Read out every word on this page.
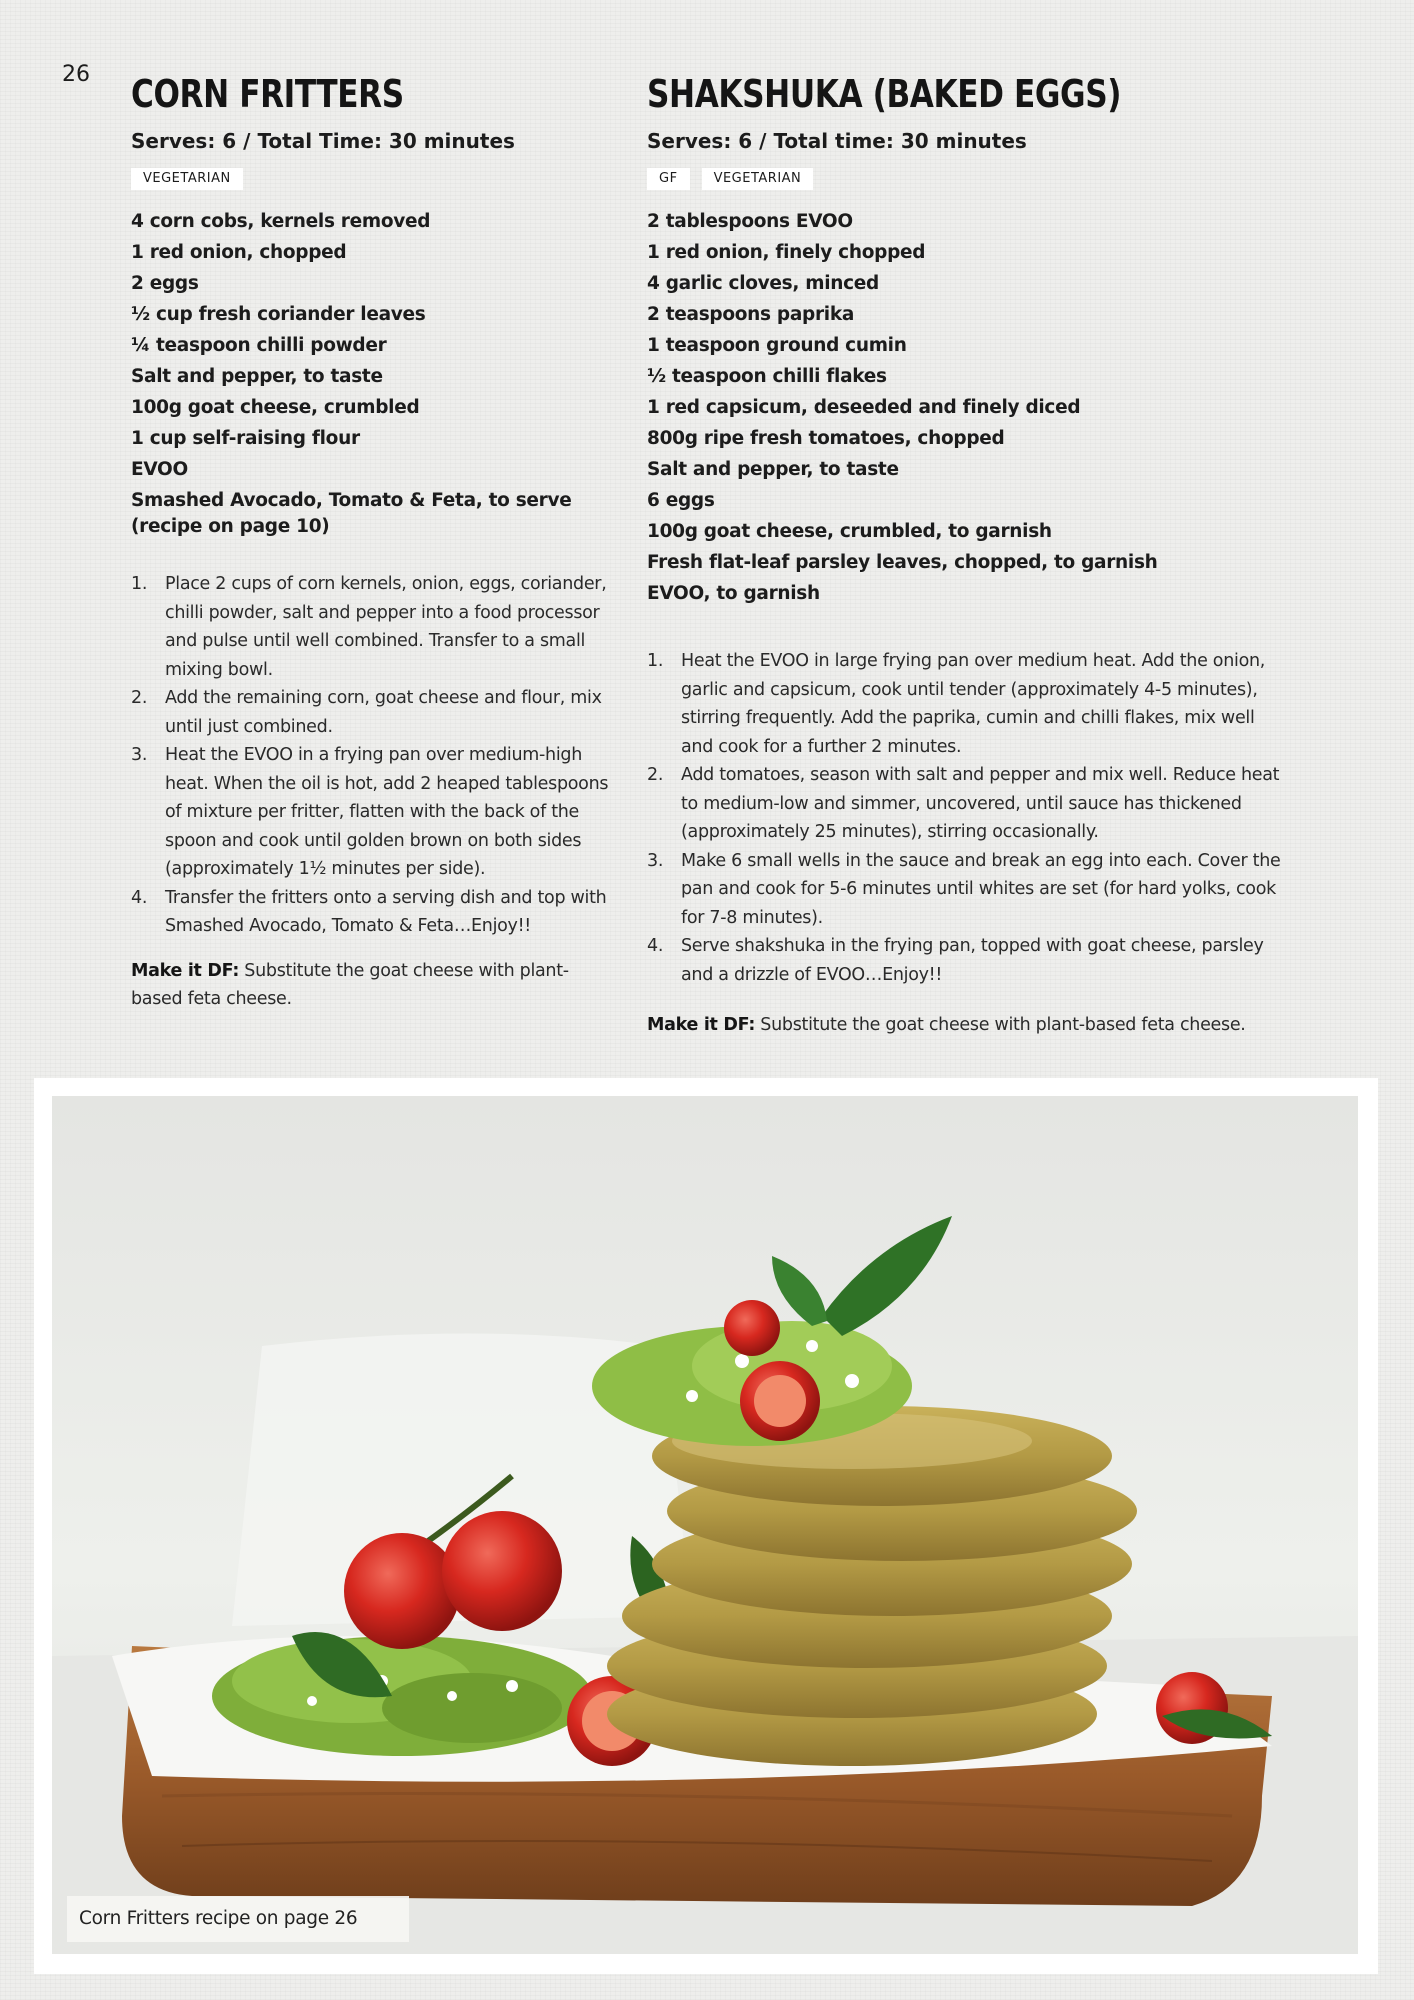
26 CORN FRITTERS
Serves: 6 / Total Time: 30 minutes
VEGETARIAN
4 corn cobs, kernels removed
1 red onion, chopped
2 eggs
½ cup fresh coriander leaves
¼ teaspoon chilli powder
Salt and pepper, to taste
100g goat cheese, crumbled
1 cup self-raising flour
EVOO
Smashed Avocado, Tomato & Feta, to serve (recipe on page 10)
1. Place 2 cups of corn kernels, onion, eggs, coriander, chilli powder, salt and pepper into a food processor and pulse until well combined. Transfer to a small mixing bowl.
2. Add the remaining corn, goat cheese and flour, mix until just combined.
3. Heat the EVOO in a frying pan over medium-high heat. When the oil is hot, add 2 heaped tablespoons of mixture per fritter, flatten with the back of the spoon and cook until golden brown on both sides (approximately 1½ minutes per side).
4. Transfer the fritters onto a serving dish and top with Smashed Avocado, Tomato & Feta…Enjoy!!

Make it DF: Substitute the goat cheese with plant-based feta cheese.

SHAKSHUKA (BAKED EGGS)
Serves: 6 / Total time: 30 minutes
GF	VEGETARIAN
2 tablespoons EVOO
1 red onion, finely chopped
4 garlic cloves, minced
2 teaspoons paprika
1 teaspoon ground cumin
½ teaspoon chilli flakes
1 red capsicum, deseeded and finely diced
800g ripe fresh tomatoes, chopped
Salt and pepper, to taste
6 eggs
100g goat cheese, crumbled, to garnish
Fresh flat-leaf parsley leaves, chopped, to garnish
EVOO, to garnish
1. Heat the EVOO in large frying pan over medium heat. Add the onion, garlic and capsicum, cook until tender (approximately 4-5 minutes), stirring frequently. Add the paprika, cumin and chilli flakes, mix well and cook for a further 2 minutes.
2. Add tomatoes, season with salt and pepper and mix well. Reduce heat to medium-low and simmer, uncovered, until sauce has thickened (approximately 25 minutes), stirring occasionally.
3. Make 6 small wells in the sauce and break an egg into each. Cover the pan and cook for 5-6 minutes until whites are set (for hard yolks, cook for 7-8 minutes).
4. Serve shakshuka in the frying pan, topped with goat cheese, parsley and a drizzle of EVOO…Enjoy!!

Make it DF: Substitute the goat cheese with plant-based feta cheese.

Corn Fritters recipe on page 26
